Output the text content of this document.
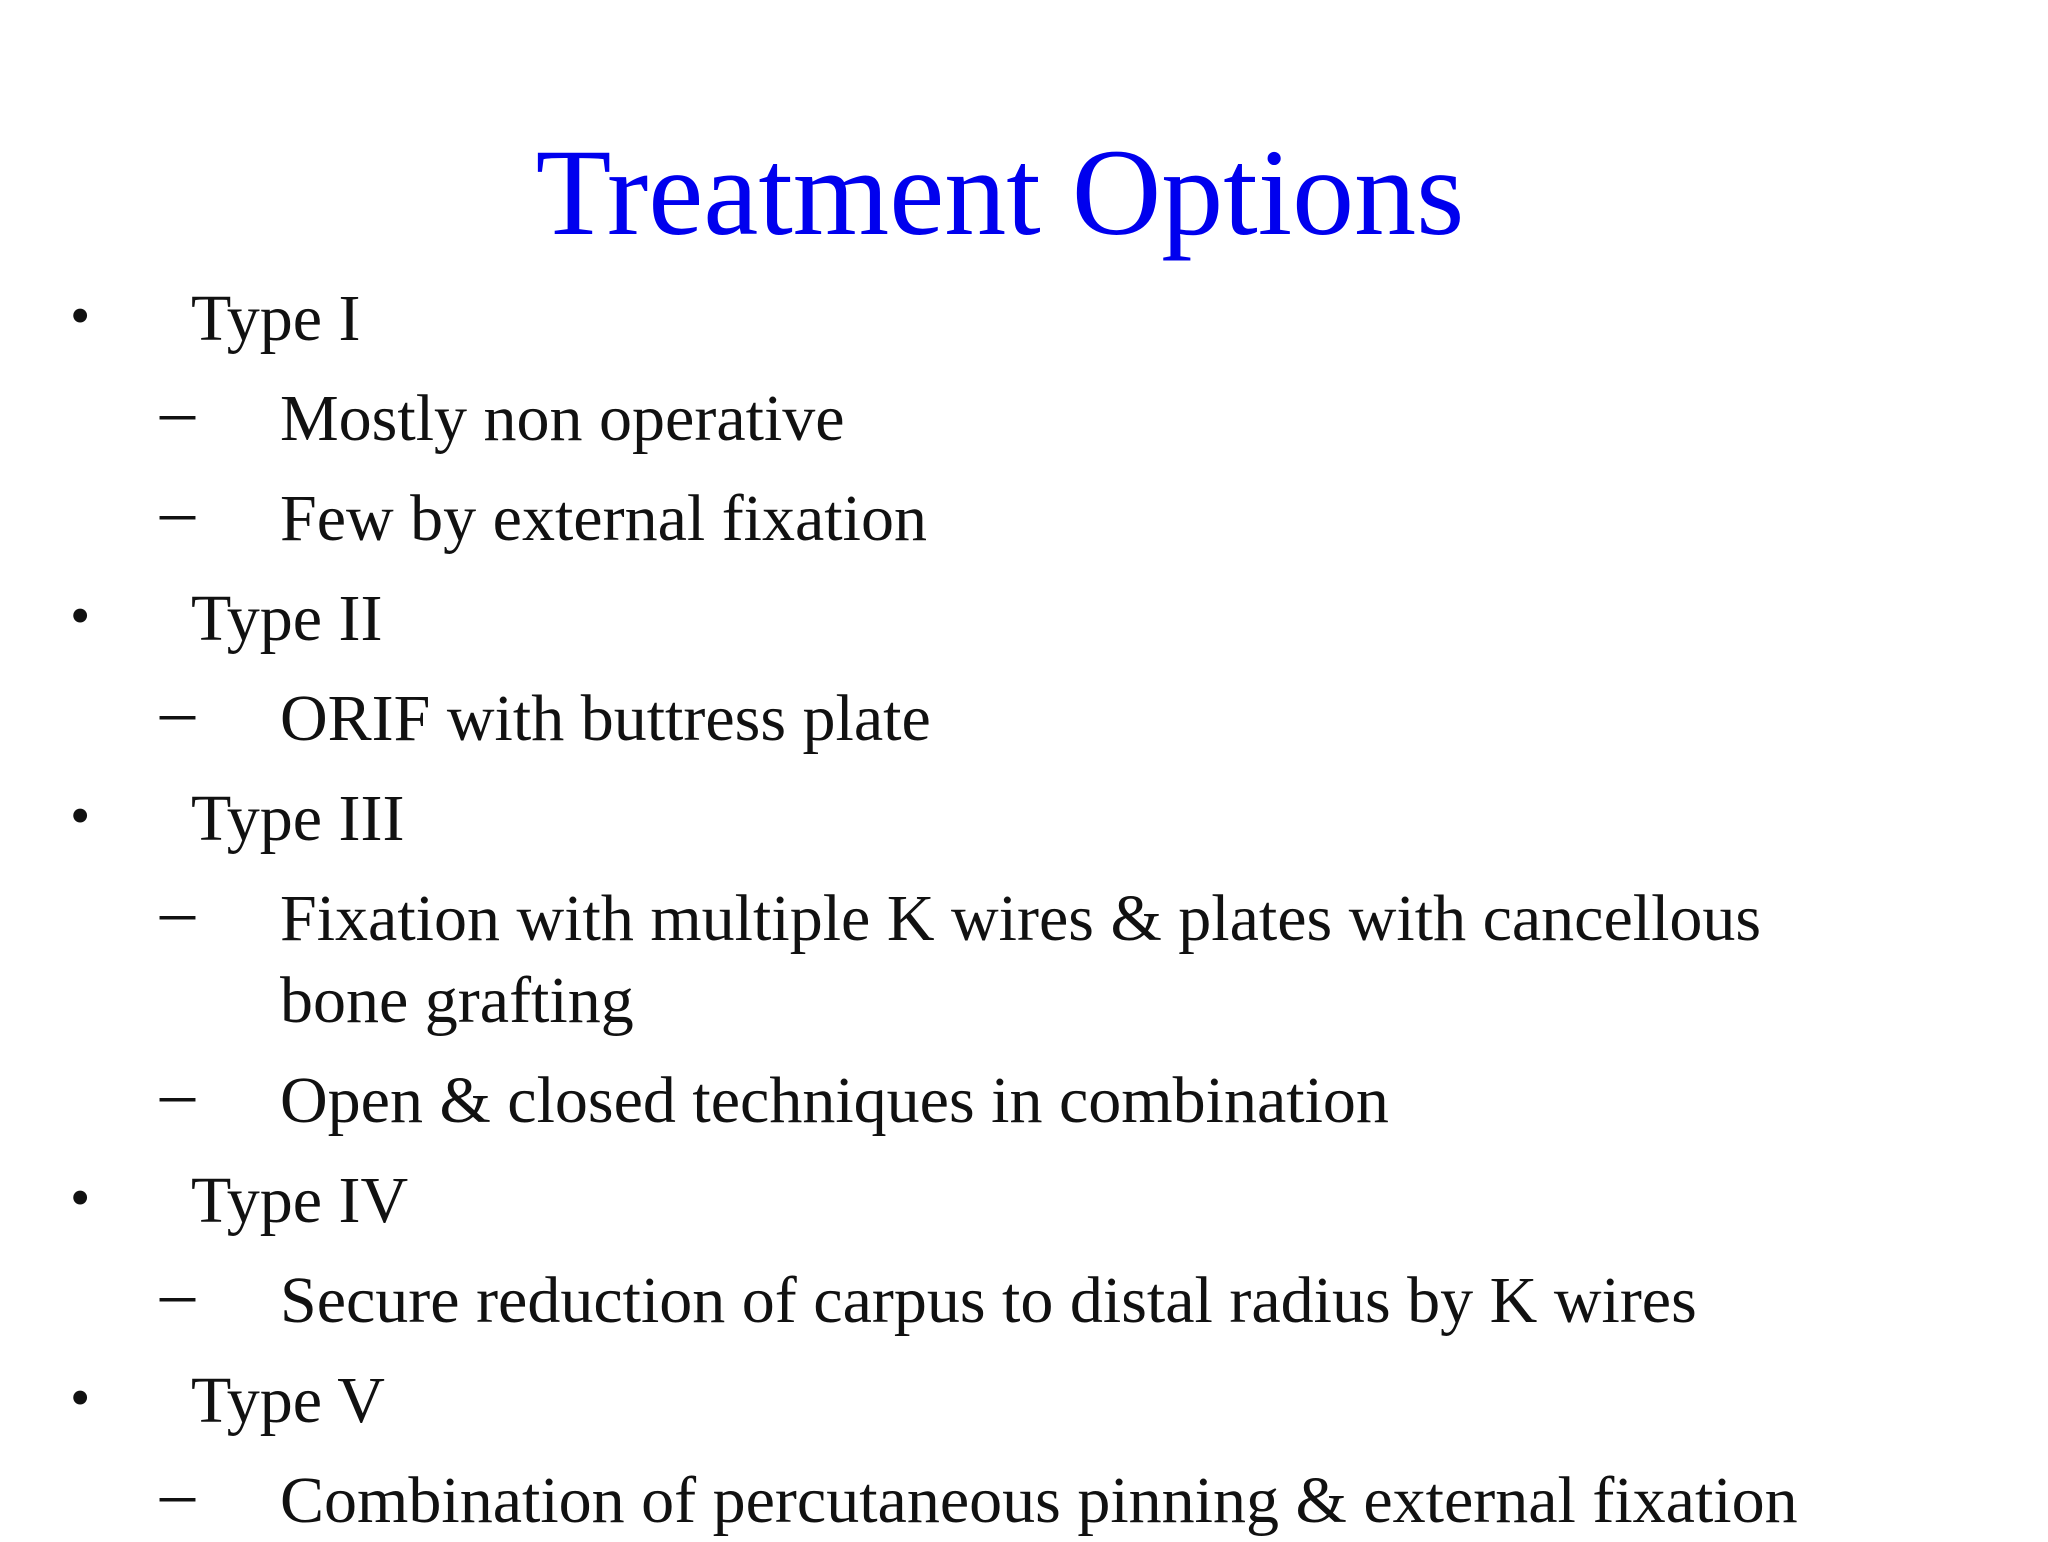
Treatment Options
• Type I
– Mostly non operative
– Few by external fixation
• Type II
– ORIF with buttress plate
• Type III
– Fixation with multiple K wires & plates with cancellous bone grafting
– Open & closed techniques in combination
• Type IV
– Secure reduction of carpus to distal radius by K wires
• Type V
– Combination of percutaneous pinning & external fixation
